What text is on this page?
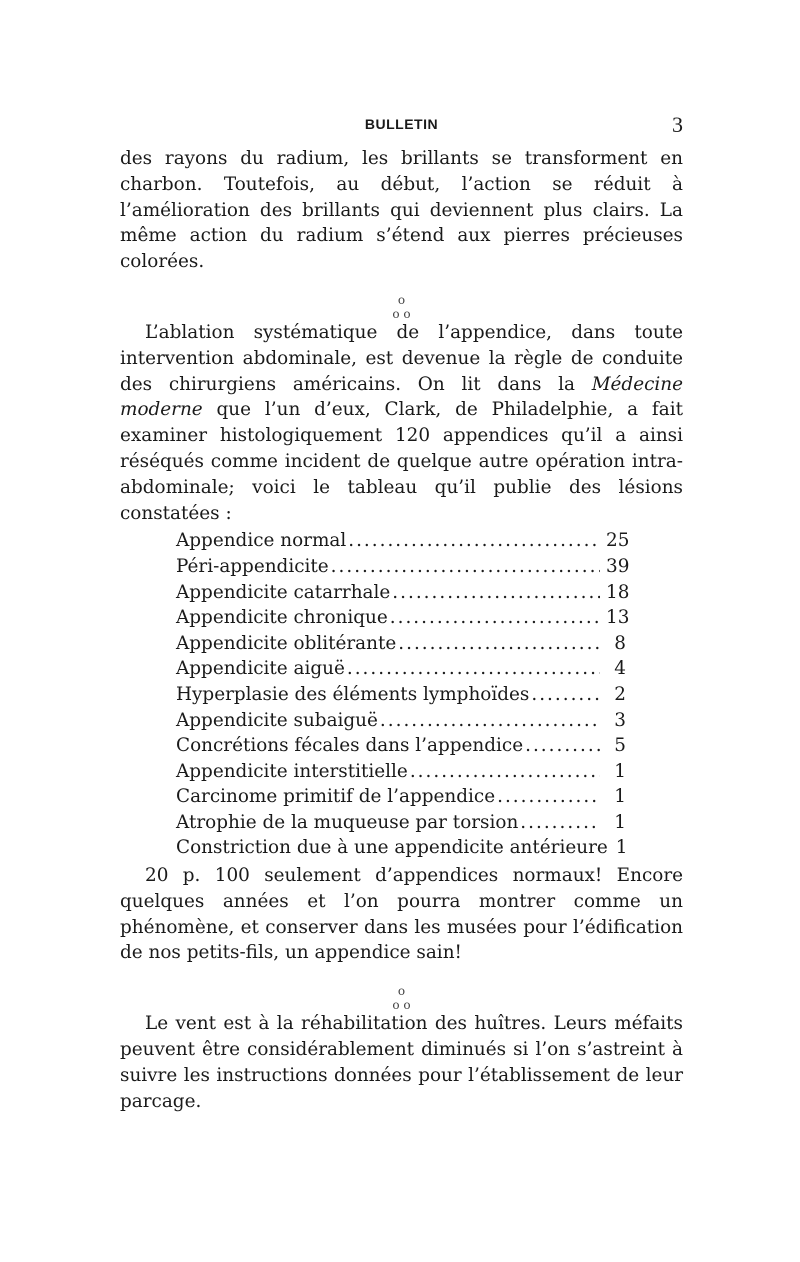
BULLETIN	3

des rayons du radium, les brillants se transforment en charbon. Toutefois, au début, l’action se réduit à l’amélioration des brillants qui deviennent plus clairs. La même action du radium s’étend aux pierres précieuses colorées.

o
o o

L’ablation systématique de l’appendice, dans toute intervention abdominale, est devenue la règle de conduite des chirurgiens américains. On lit dans la Médecine moderne que l’un d’eux, Clark, de Philadelphie, a fait examiner histologiquement 120 appendices qu’il a ainsi réséqués comme incident de quelque autre opération intra-abdominale; voici le tableau qu’il publie des lésions constatées :

Appendice normal .....	25
Péri-appendicite .....	39
Appendicite catarrhale .....	18
Appendicite chronique .....	13
Appendicite oblitérante .....	8
Appendicite aiguë .....	4
Hyperplasie des éléments lymphoïdes .....	2
Appendicite subaiguë .....	3
Concrétions fécales dans l’appendice .....	5
Appendicite interstitielle .....	1
Carcinome primitif de l’appendice .....	1
Atrophie de la muqueuse par torsion .....	1
Constriction due à une appendicite antérieure 1

20 p. 100 seulement d’appendices normaux! Encore quelques années et l’on pourra montrer comme un phénomène, et conserver dans les musées pour l’édification de nos petits-fils, un appendice sain!

o
o o

Le vent est à la réhabilitation des huîtres. Leurs méfaits peuvent être considérablement diminués si l’on s’astreint à suivre les instructions données pour l’établissement de leur parcage.
